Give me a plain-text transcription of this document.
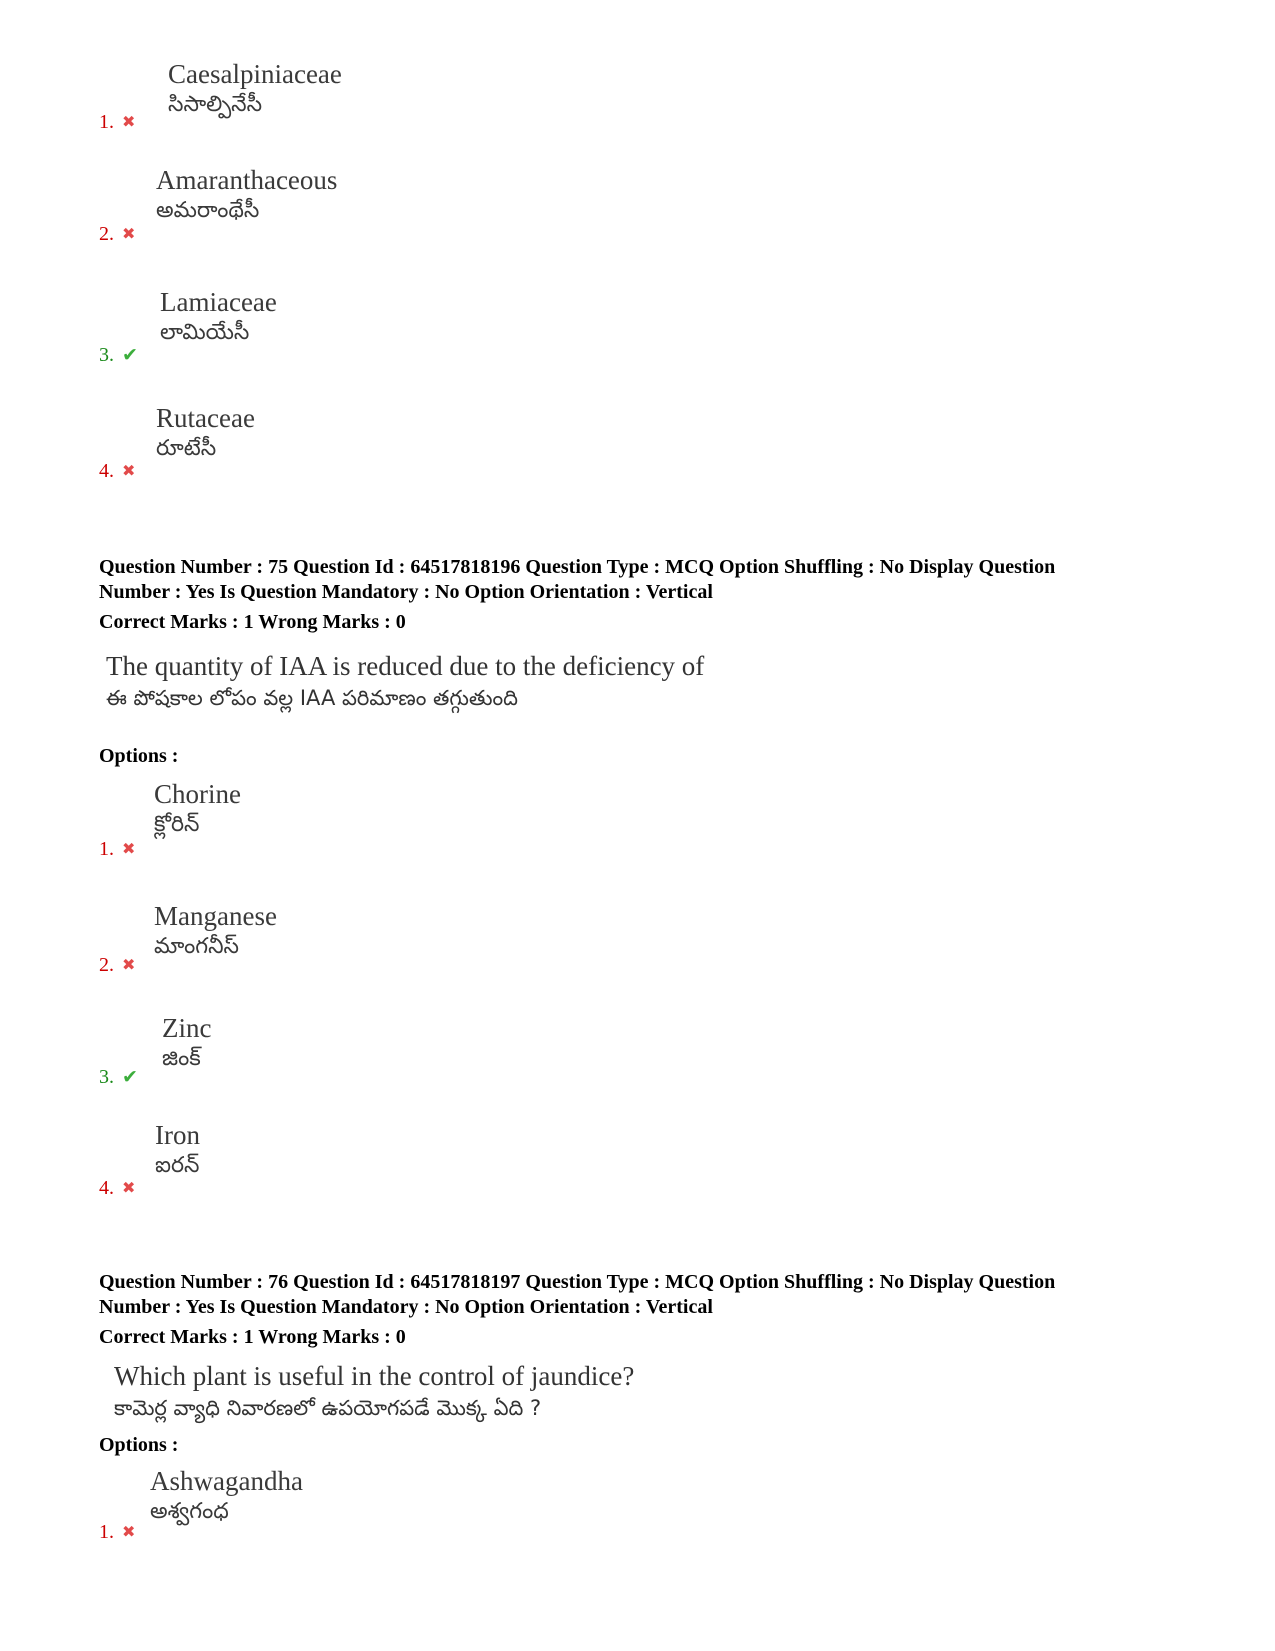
Caesalpiniaceae
సిసాల్పినేసీ
1. ✖
Amaranthaceous
అమరాంథేసీ
2. ✖
Lamiaceae
లామియేసీ
3. ✔
Rutaceae
రూటేసీ
4. ✖

Question Number : 75 Question Id : 64517818196 Question Type : MCQ Option Shuffling : No Display Question

Number : Yes Is Question Mandatory : No Option Orientation : Vertical

Correct Marks : 1 Wrong Marks : 0

The quantity of IAA is reduced due to the deficiency of
ఈ పోషకాల లోపం వల్ల IAA పరిమాణం తగ్గుతుంది
Options :
Chorine
క్లోరిన్
1. ✖
Manganese
మాంగనీస్
2. ✖
Zinc
జింక్
3. ✔
Iron
ఐరన్
4. ✖

Question Number : 76 Question Id : 64517818197 Question Type : MCQ Option Shuffling : No Display Question

Number : Yes Is Question Mandatory : No Option Orientation : Vertical

Correct Marks : 1 Wrong Marks : 0

Which plant is useful in the control of jaundice?
కామెర్ల వ్యాధి నివారణలో ఉపయోగపడే మొక్క ఏది ?
Options :
Ashwagandha
అశ్వగంధ
1. ✖
